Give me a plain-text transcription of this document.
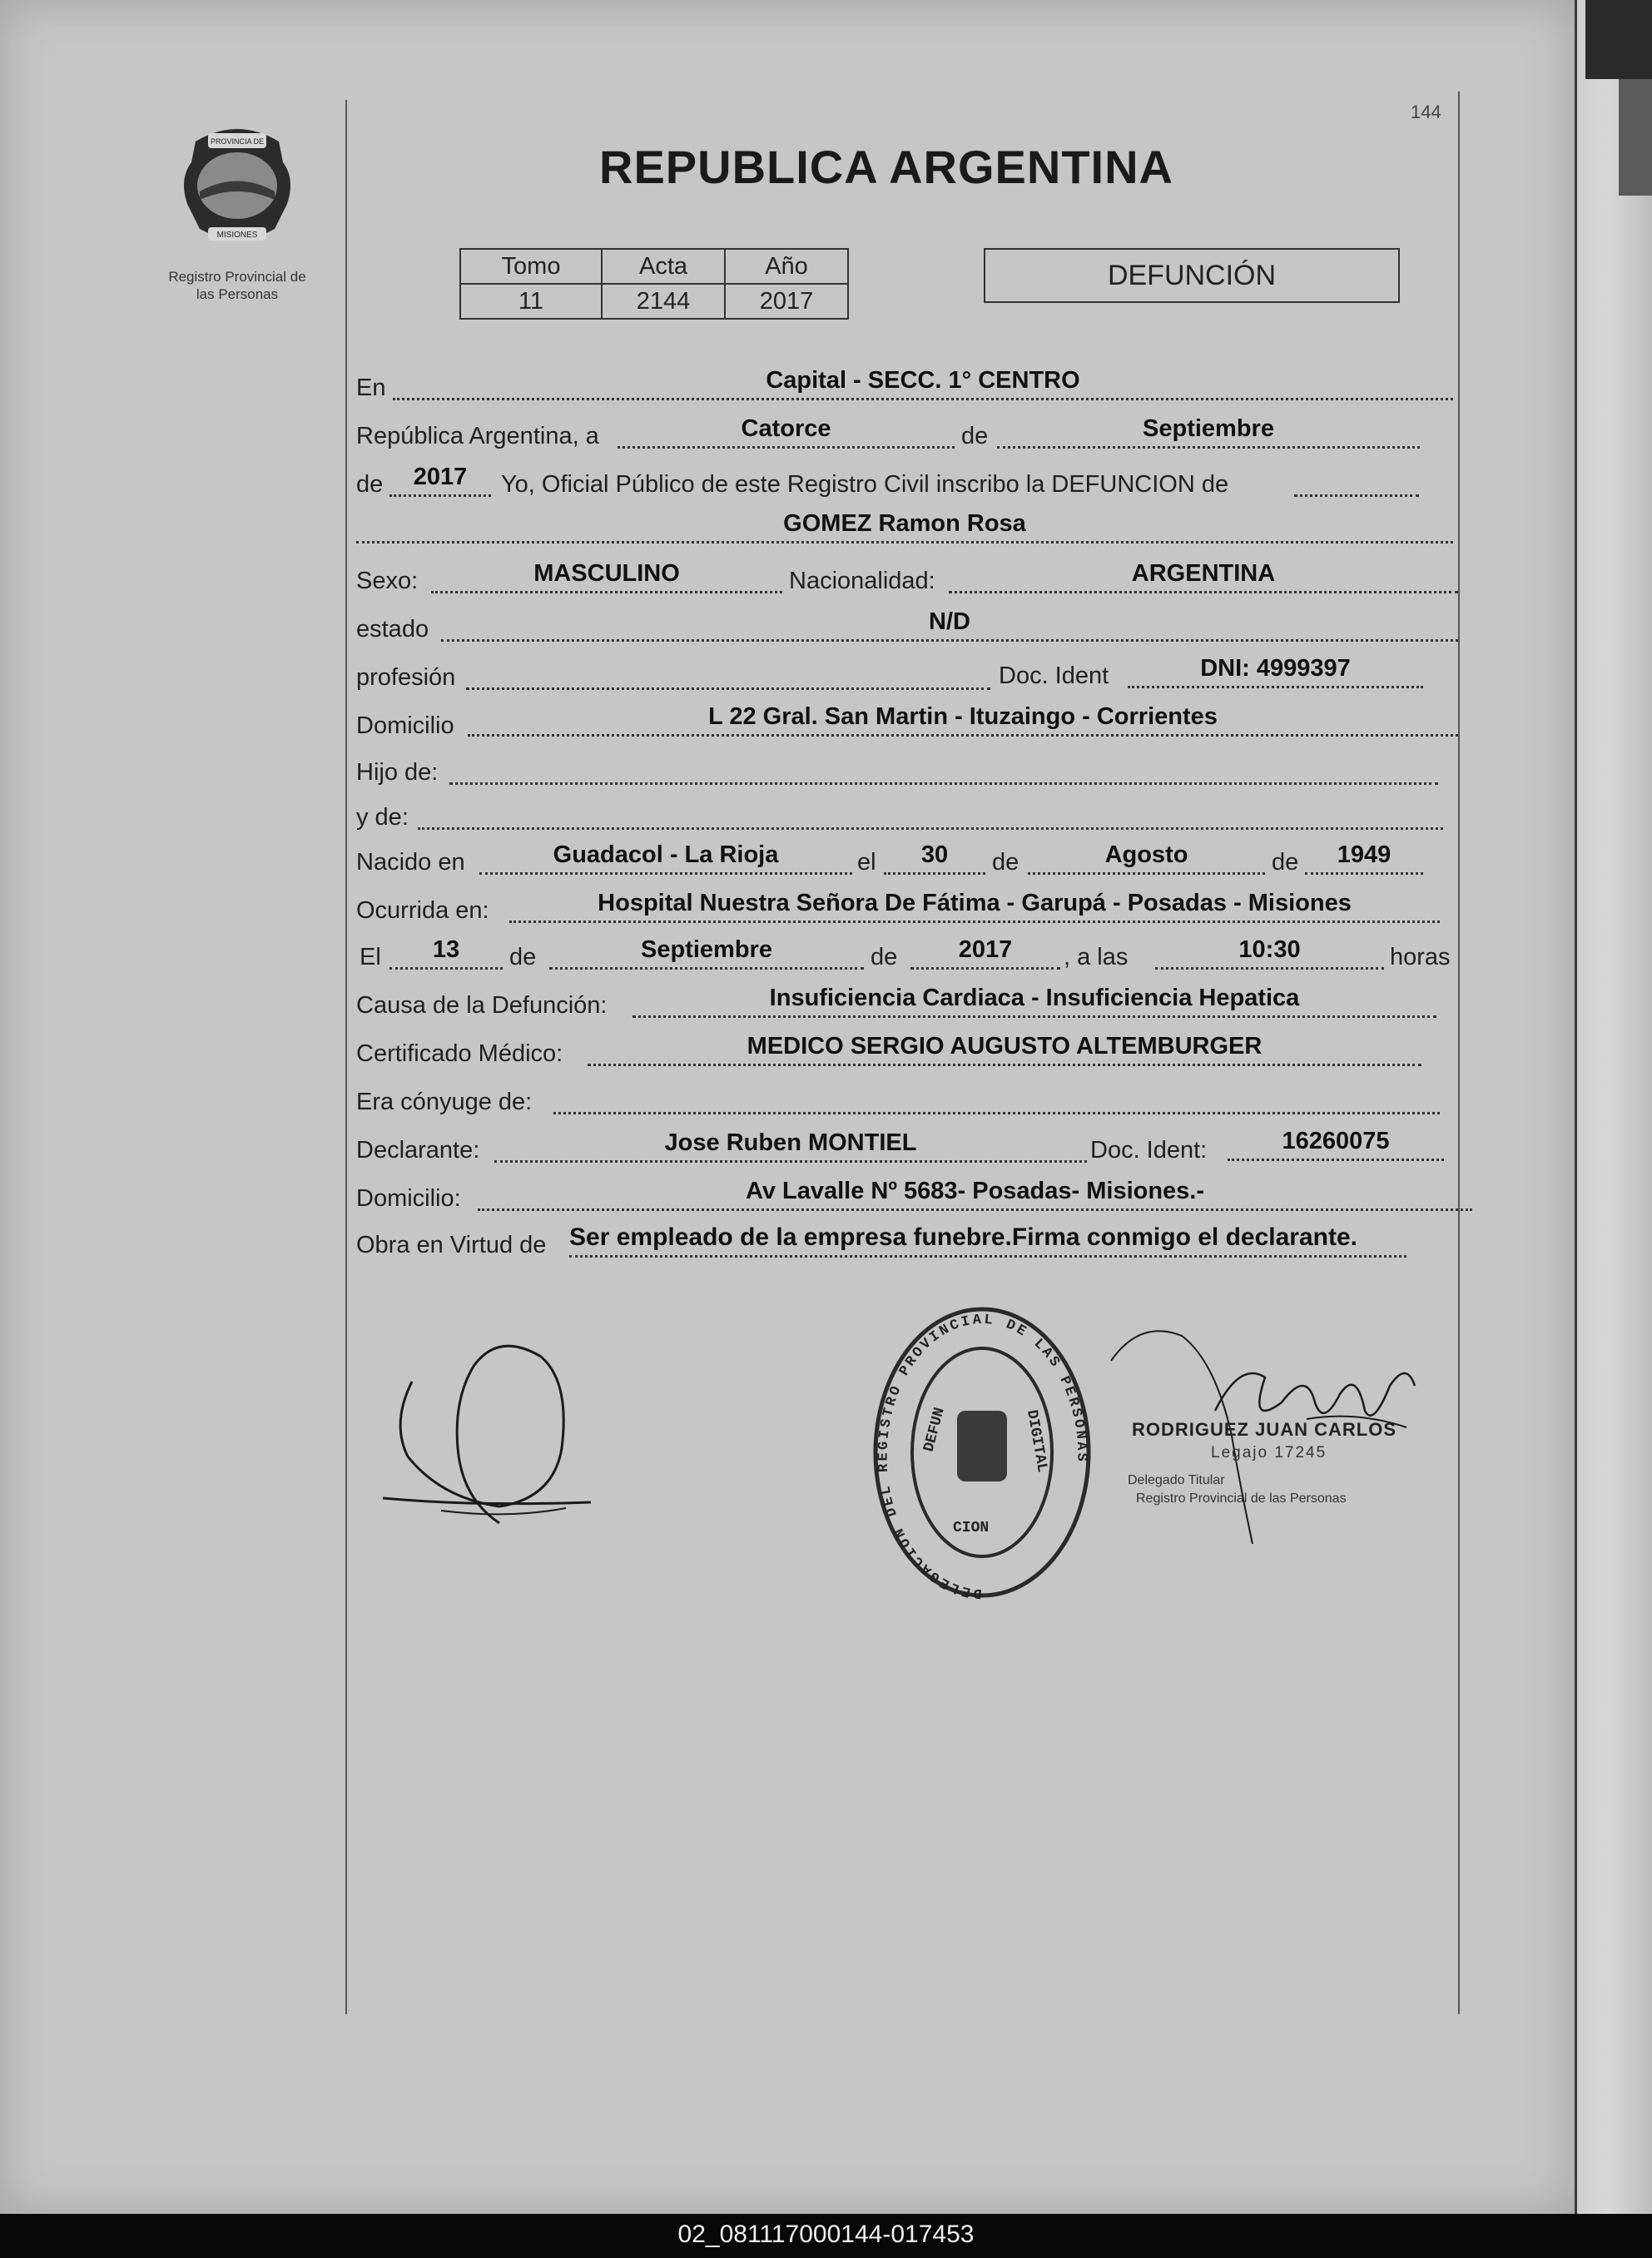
144
PROVINCIA DE
MISIONES
Registro Provincial de
las Personas
REPUBLICA ARGENTINA
Tomo	Acta	Año
11	2144	2017
DEFUNCIÓN
En	Capital - SECC. 1° CENTRO
República Argentina, a	Catorce	de	Septiembre
de	2017	Yo, Oficial Público de este Registro Civil inscribo la DEFUNCION de
GOMEZ Ramon Rosa
Sexo:	MASCULINO	Nacionalidad:	ARGENTINA
estado	N/D
profesión	Doc. Ident	DNI: 4999397
Domicilio	L 22 Gral. San Martin - Ituzaingo - Corrientes
Hijo de:
y de:
Nacido en	Guadacol - La Rioja	el	30	de	Agosto	de	1949
Ocurrida en:	Hospital Nuestra Señora De Fátima - Garupá - Posadas - Misiones
El	13	de	Septiembre	de	2017	, a las	10:30	horas
Causa de la Defunción:	Insuficiencia Cardiaca - Insuficiencia Hepatica
Certificado Médico:	MEDICO SERGIO AUGUSTO ALTEMBURGER
Era cónyuge de:
Declarante:	Jose Ruben MONTIEL	Doc. Ident:	16260075
Domicilio:	Av Lavalle Nº 5683- Posadas- Misiones.-
Obra en Virtud de Ser empleado de la empresa funebre.Firma conmigo el declarante.
DELEGACION DEL REGISTRO PROVINCIAL DE LAS PERSONAS
DEFUN	DIGITAL
CION
RODRIGUEZ JUAN CARLOS
Legajo 17245
Delegado Titular
Registro Provincial de las Personas
02_081117000144-017453
